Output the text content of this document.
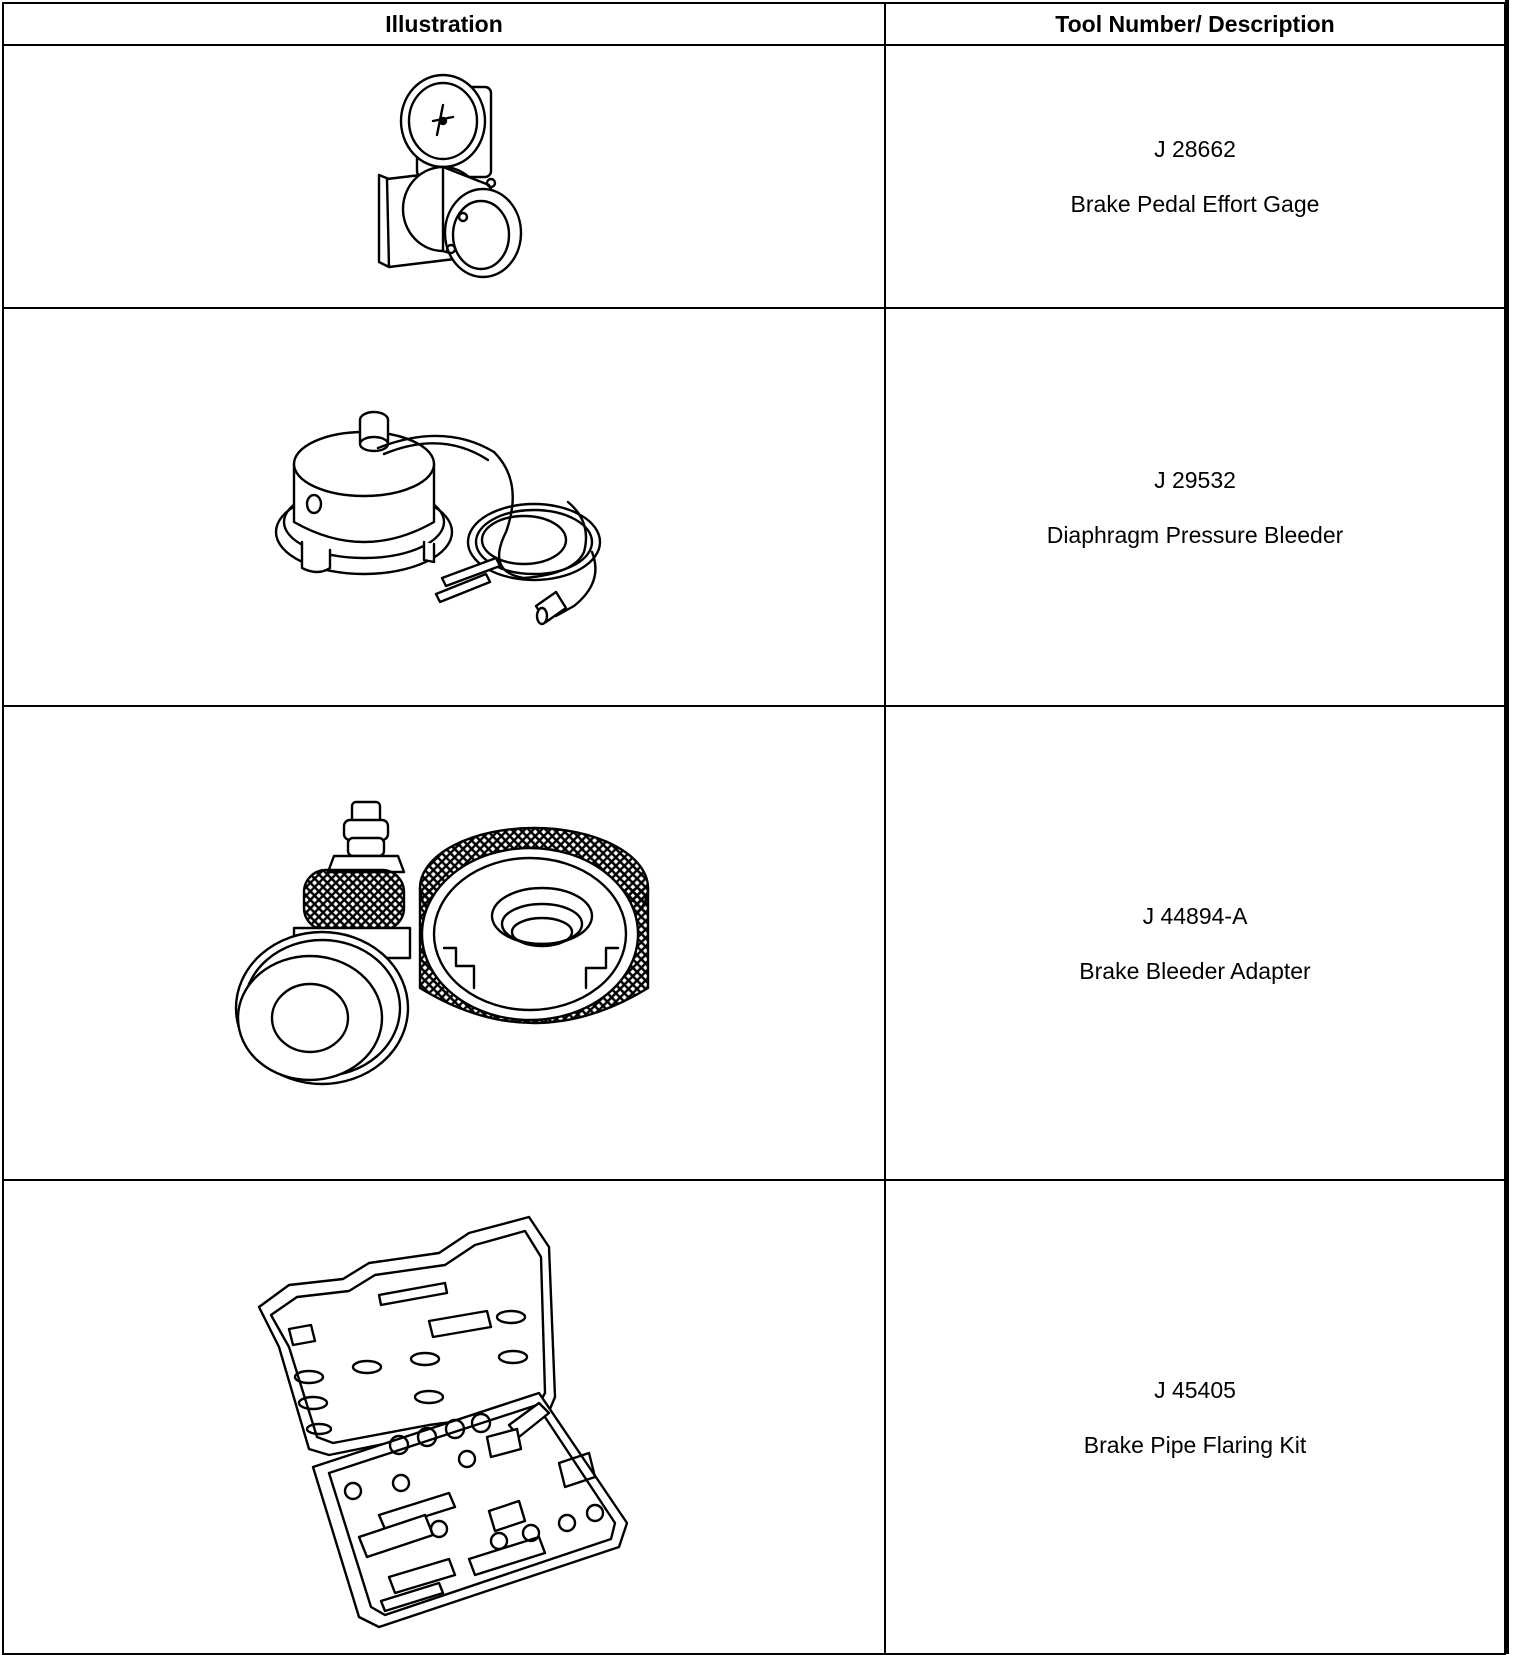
Illustration	Tool Number/ Description

J 28662
Brake Pedal Effort Gage

J 29532
Diaphragm Pressure Bleeder

J 44894-A
Brake Bleeder Adapter

J 45405
Brake Pipe Flaring Kit
